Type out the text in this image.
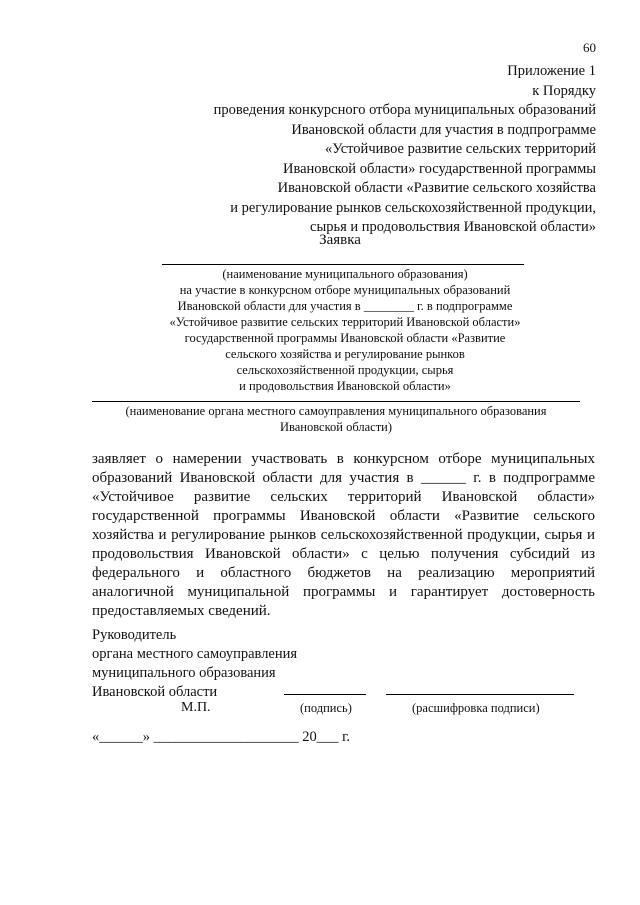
60
Приложение 1
к Порядку
проведения конкурсного отбора муниципальных образований
Ивановской области для участия в подпрограмме
«Устойчивое развитие сельских территорий
Ивановской области» государственной программы
Ивановской области «Развитие сельского хозяйства
и регулирование рынков сельскохозяйственной продукции,
сырья и продовольствия Ивановской области»
Заявка
(наименование муниципального образования)
на участие в конкурсном отборе муниципальных образований
Ивановской области для участия в ________ г. в подпрограмме
«Устойчивое развитие сельских территорий Ивановской области»
государственной программы Ивановской области «Развитие
сельского хозяйства и регулирование рынков
сельскохозяйственной продукции, сырья
и продовольствия Ивановской области»
(наименование органа местного самоуправления муниципального образования
Ивановской области)
заявляет о намерении участвовать в конкурсном отборе муниципальных образований Ивановской области для участия в ______ г. в подпрограмме «Устойчивое развитие сельских территорий Ивановской области» государственной программы Ивановской области «Развитие сельского хозяйства и регулирование рынков сельскохозяйственной продукции, сырья и продовольствия Ивановской области» с целью получения субсидий из федерального и областного бюджетов на реализацию мероприятий аналогичной муниципальной программы и гарантирует достоверность предоставляемых сведений.
Руководитель
органа местного самоуправления
муниципального образования
Ивановской области
М.П.	(подпись)	(расшифровка подписи)
«______» ____________________ 20___ г.
